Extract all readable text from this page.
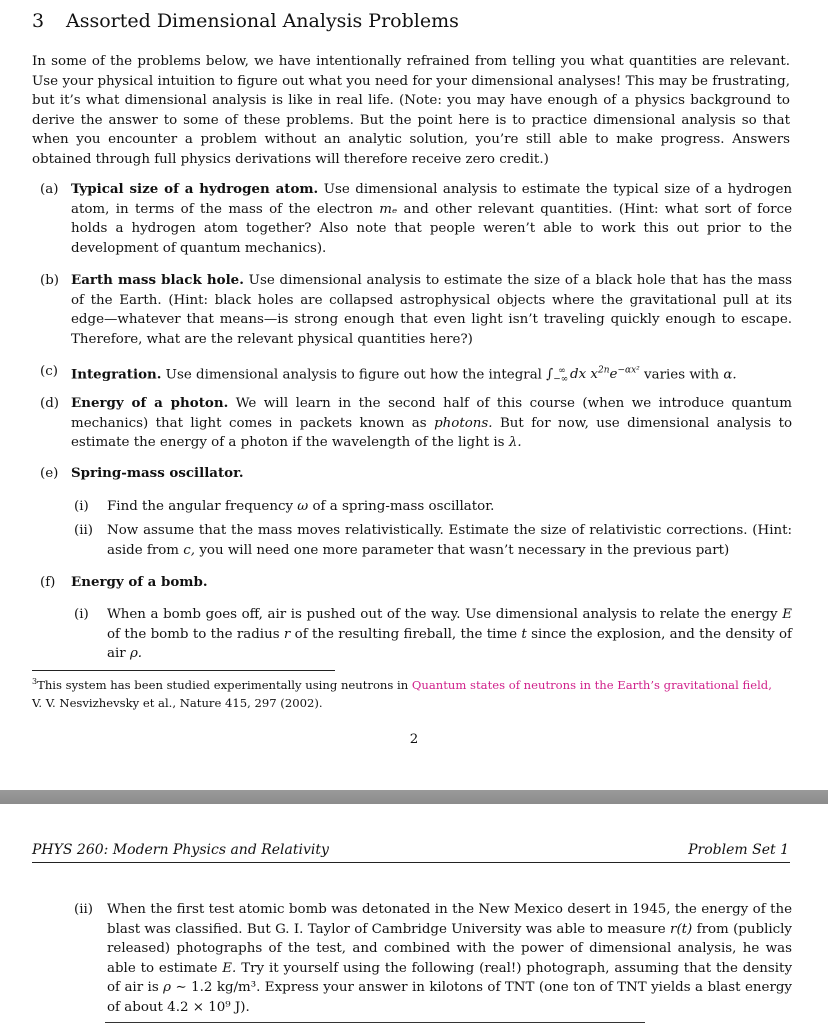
3 Assorted Dimensional Analysis Problems

In some of the problems below, we have intentionally refrained from telling you what quantities are relevant. Use your physical intuition to figure out what you need for your dimensional analyses! This may be frustrating, but it’s what dimensional analysis is like in real life. (Note: you may have enough of a physics background to derive the answer to some of these problems. But the point here is to practice dimensional analysis so that when you encounter a problem without an analytic solution, you’re still able to make progress. Answers obtained through full physics derivations will therefore receive zero credit.)

(a) Typical size of a hydrogen atom. Use dimensional analysis to estimate the typical size of a hydrogen atom, in terms of the mass of the electron mₑ and other relevant quantities. (Hint: what sort of force holds a hydrogen atom together? Also note that people weren’t able to work this out prior to the development of quantum mechanics).
(b) Earth mass black hole. Use dimensional analysis to estimate the size of a black hole that has the mass of the Earth. (Hint: black holes are collapsed astrophysical objects where the gravitational pull at its edge—whatever that means—is strong enough that even light isn’t traveling quickly enough to escape. Therefore, what are the relevant physical quantities here?)
(c) Integration. Use dimensional analysis to figure out how the integral $\int_{-\infty}^\infty$ dx $x^{2n}e^{-\alpha x^2}$ varies with α.
(d) Energy of a photon. We will learn in the second half of this course (when we introduce quantum mechanics) that light comes in packets known as photons. But for now, use dimensional analysis to estimate the energy of a photon if the wavelength of the light is λ.
(e) Spring-mass oscillator.
(i) Find the angular frequency ω of a spring-mass oscillator.
(ii) Now assume that the mass moves relativistically. Estimate the size of relativistic corrections. (Hint: aside from c, you will need one more parameter that wasn’t necessary in the previous part)
(f) Energy of a bomb.
(i) When a bomb goes off, air is pushed out of the way. Use dimensional analysis to relate the energy E of the bomb to the radius r of the resulting fireball, the time t since the explosion, and the density of air ρ.

$^3$This system has been studied experimentally using neutrons in Quantum states of neutrons in the Earth’s gravitational field,
V. V. Nesvizhevsky et al., Nature 415, 297 (2002).

2
PHYS 260: Modern Physics and Relativity	Problem Set 1
(ii) When the first test atomic bomb was detonated in the New Mexico desert in 1945, the energy of the blast was classified. But G. I. Taylor of Cambridge University was able to measure r(t) from (publicly released) photographs of the test, and combined with the power of dimensional analysis, he was able to estimate E. Try it yourself using the following (real!) photograph, assuming that the density of air is ρ ∼ 1.2 kg/m³. Express your answer in kilotons of TNT (one ton of TNT yields a blast energy of about 4.2 × 10⁹ J).
